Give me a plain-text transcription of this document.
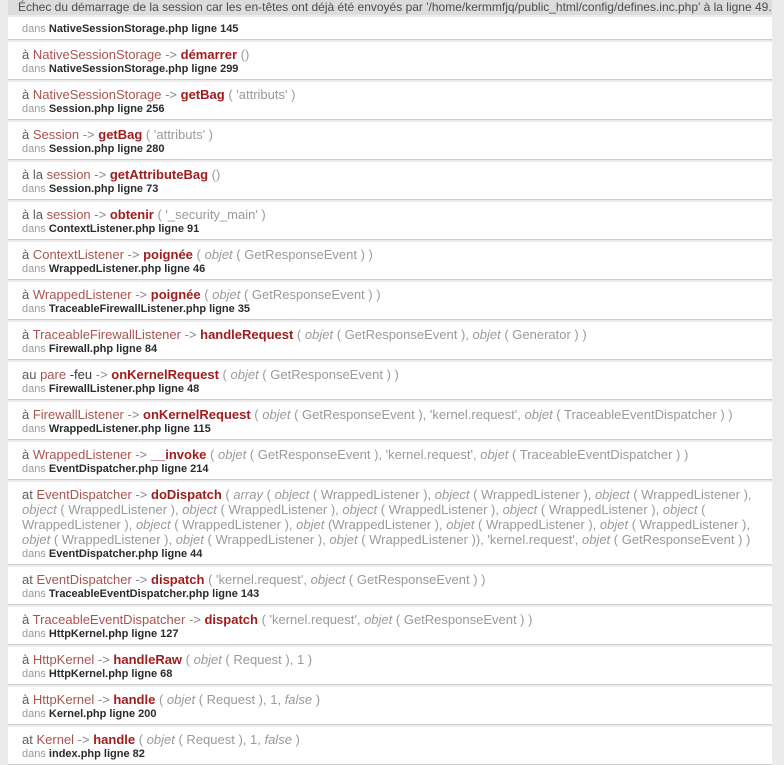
Échec du démarrage de la session car les en-têtes ont déjà été envoyés par '/home/kermmfjq/public_html/config/defines.inc.php' à la ligne 49.
dans NativeSessionStorage.php ligne 145
à NativeSessionStorage -> démarrer ()
dans NativeSessionStorage.php ligne 299
à NativeSessionStorage -> getBag ( 'attributs' )
dans Session.php ligne 256
à Session -> getBag ( 'attributs' )
dans Session.php ligne 280
à la session -> getAttributeBag ()
dans Session.php ligne 73
à la session -> obtenir ( '_security_main' )
dans ContextListener.php ligne 91
à ContextListener -> poignée ( objet ( GetResponseEvent ) )
dans WrappedListener.php ligne 46
à WrappedListener -> poignée ( objet ( GetResponseEvent ) )
dans TraceableFirewallListener.php ligne 35
à TraceableFirewallListener -> handleRequest ( objet ( GetResponseEvent ), objet ( Generator ) )
dans Firewall.php ligne 84
au pare -feu -> onKernelRequest ( objet ( GetResponseEvent ) )
dans FirewallListener.php ligne 48
à FirewallListener -> onKernelRequest ( objet ( GetResponseEvent ), 'kernel.request', objet ( TraceableEventDispatcher ) )
dans WrappedListener.php ligne 115
à WrappedListener -> __invoke ( objet ( GetResponseEvent ), 'kernel.request', objet ( TraceableEventDispatcher ) )
dans EventDispatcher.php ligne 214
at EventDispatcher -> doDispatch ( array ( object ( WrappedListener ), object ( WrappedListener ), object ( WrappedListener ), object ( WrappedListener ), object ( WrappedListener ), object ( WrappedListener ), object ( WrappedListener ), object ( WrappedListener ), object ( WrappedListener ), objet (WrappedListener ), objet ( WrappedListener ), objet ( WrappedListener ), objet ( WrappedListener ), objet ( WrappedListener ), objet ( WrappedListener )), 'kernel.request', objet ( GetResponseEvent ) )
dans EventDispatcher.php ligne 44
at EventDispatcher -> dispatch ( 'kernel.request', object ( GetResponseEvent ) )
dans TraceableEventDispatcher.php ligne 143
à TraceableEventDispatcher -> dispatch ( 'kernel.request', objet ( GetResponseEvent ) )
dans HttpKernel.php ligne 127
à HttpKernel -> handleRaw ( objet ( Request ), 1 )
dans HttpKernel.php ligne 68
à HttpKernel -> handle ( objet ( Request ), 1, false )
dans Kernel.php ligne 200
at Kernel -> handle ( objet ( Request ), 1, false )
dans index.php ligne 82
